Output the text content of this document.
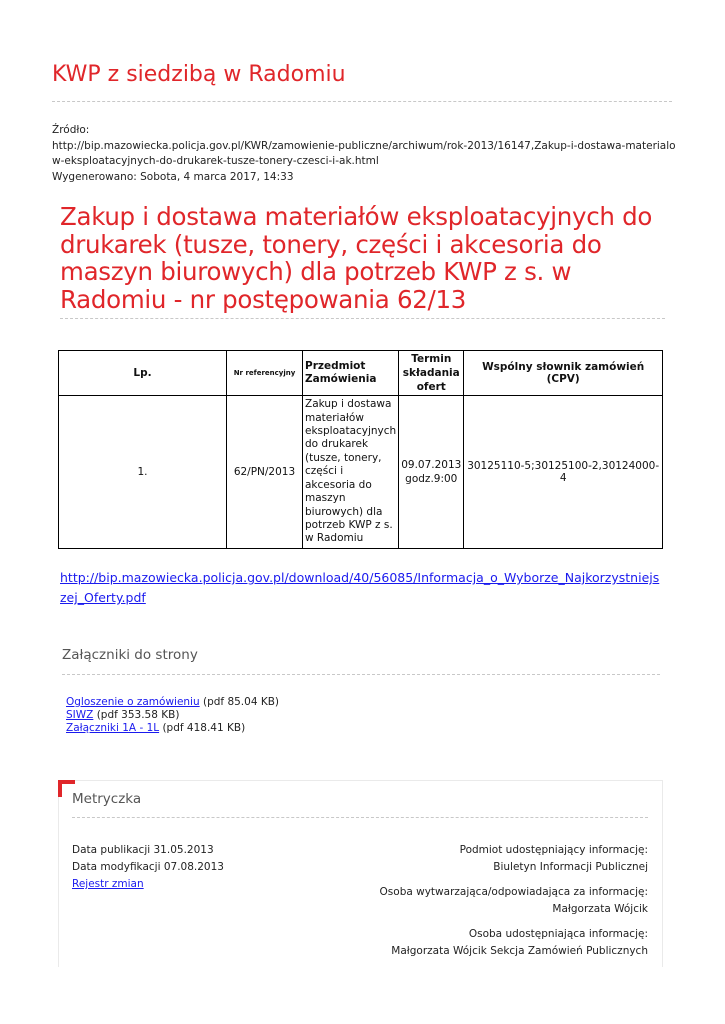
KWP z siedzibą w Radomiu
Źródło:
http://bip.mazowiecka.policja.gov.pl/KWR/zamowienie-publiczne/archiwum/rok-2013/16147,Zakup-i-dostawa-materialo
w-eksploatacyjnych-do-drukarek-tusze-tonery-czesci-i-ak.html
Wygenerowano: Sobota, 4 marca 2017, 14:33
Zakup i dostawa materiałów eksploatacyjnych do drukarek (tusze, tonery, części i akcesoria do maszyn biurowych) dla potrzeb KWP z s. w Radomiu - nr postępowania 62/13
Lp.	Nr referencyjny	Przedmiot Zamówienia	Termin składania ofert	Wspólny słownik zamówień (CPV)
1.	62/PN/2013	Zakup i dostawa materiałów eksploatacyjnych do drukarek (tusze, tonery, części i akcesoria do maszyn biurowych) dla potrzeb KWP z s. w Radomiu	09.07.2013 godz.9:00	30125110-5;30125100-2,30124000-4
http://bip.mazowiecka.policja.gov.pl/download/40/56085/Informacja_o_Wyborze_Najkorzystniejszej_Oferty.pdf
Załączniki do strony
Ogloszenie o zamówieniu (pdf 85.04 KB)
SIWZ (pdf 353.58 KB)
Załączniki 1A - 1L (pdf 418.41 KB)
Metryczka
Data publikacji 31.05.2013
Data modyfikacji 07.08.2013
Rejestr zmian
Podmiot udostępniający informację:
Biuletyn Informacji Publicznej
Osoba wytwarzająca/odpowiadająca za informację:
Małgorzata Wójcik
Osoba udostępniająca informację:
Małgorzata Wójcik Sekcja Zamówień Publicznych
